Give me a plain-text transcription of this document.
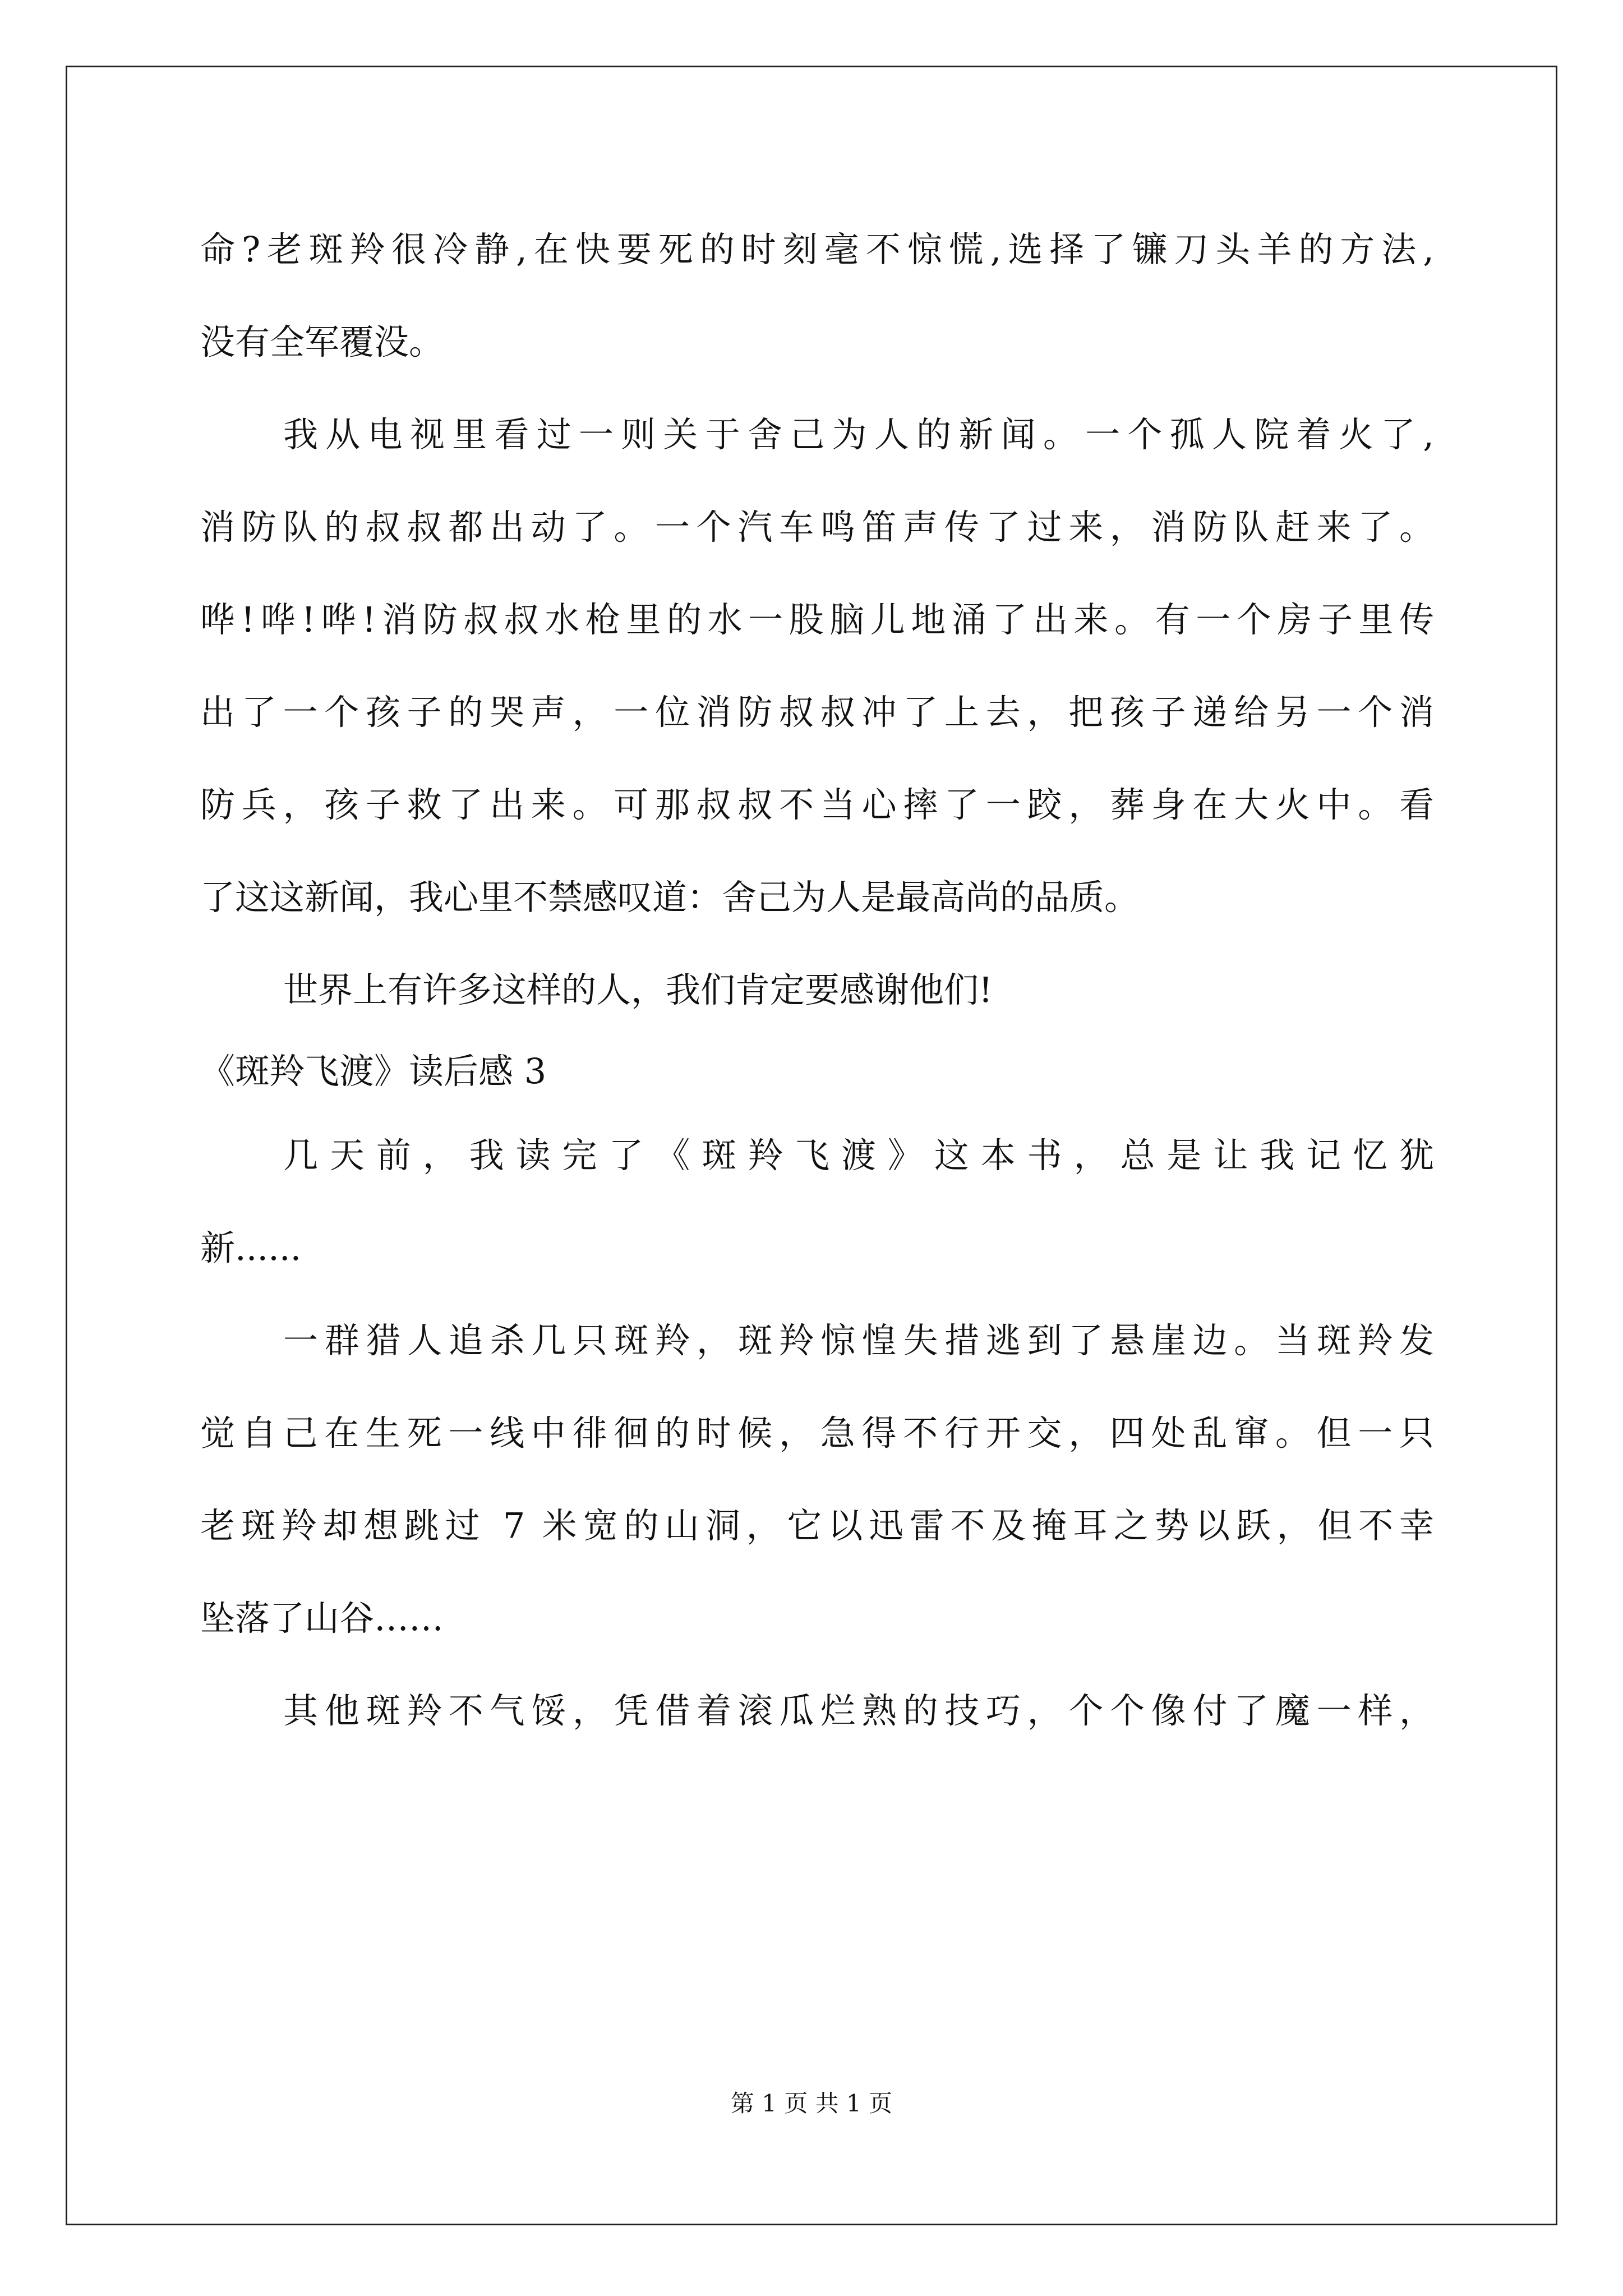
命?老斑羚很冷静,在快要死的时刻毫不惊慌,选择了镰刀头羊的方法,
没有全军覆没。
我从电视里看过一则关于舍己为人的新闻。一个孤人院着火了,
消防队的叔叔都出动了。一个汽车鸣笛声传了过来，消防队赶来了。
哗!哗!哗!消防叔叔水枪里的水一股脑儿地涌了出来。有一个房子里传
出了一个孩子的哭声，一位消防叔叔冲了上去，把孩子递给另一个消
防兵，孩子救了出来。可那叔叔不当心摔了一跤，葬身在大火中。看
了这这新闻，我心里不禁感叹道：舍己为人是最高尚的品质。
世界上有许多这样的人，我们肯定要感谢他们!
《斑羚飞渡》读后感 3
几天前，我读完了《斑羚飞渡》这本书，总是让我记忆犹
新......
一群猎人追杀几只斑羚，斑羚惊惶失措逃到了悬崖边。当斑羚发
觉自己在生死一线中徘徊的时候，急得不行开交，四处乱窜。但一只
老斑羚却想跳过 7 米宽的山洞，它以迅雷不及掩耳之势以跃，但不幸
坠落了山谷……
其他斑羚不气馁，凭借着滚瓜烂熟的技巧，个个像付了魔一样，
第 1 页 共 1 页
